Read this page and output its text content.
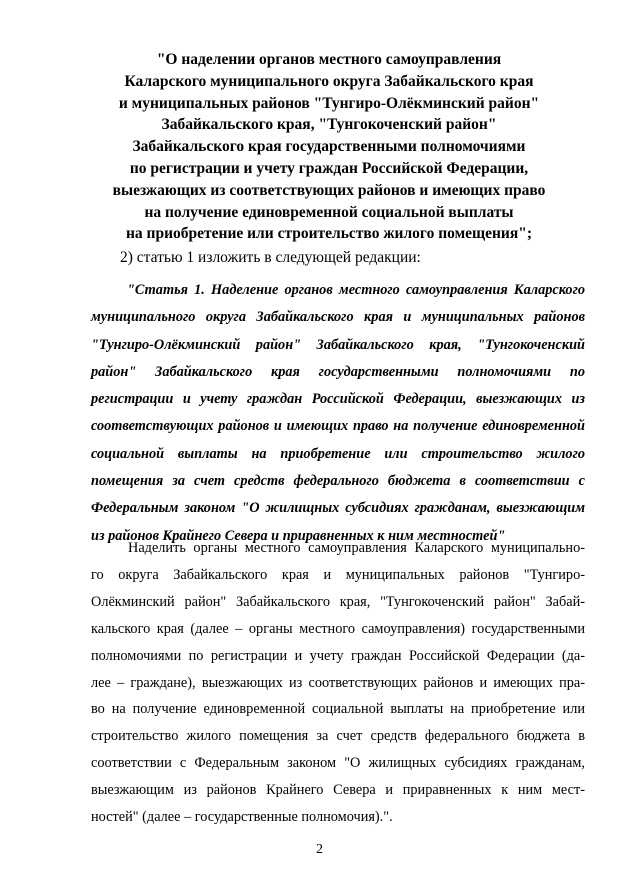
"О наделении органов местного самоуправления
Каларского муниципального округа Забайкальского края
и муниципальных районов "Тунгиро-Олёкминский район"
Забайкальского края, "Тунгокоченский район"
Забайкальского края государственными полномочиями
по регистрации и учету граждан Российской Федерации,
выезжающих из соответствующих районов и имеющих право
на получение единовременной социальной выплаты
на приобретение или строительство жилого помещения";

2) статью 1 изложить в следующей редакции:

"Статья 1. Наделение органов местного самоуправления Каларского
муниципального округа Забайкальского края и муниципальных районов
"Тунгиро-Олёкминский район" Забайкальского края, "Тунгокоченский
район" Забайкальского края государственными полномочиями по
регистрации и учету граждан Российской Федерации, выезжающих из
соответствующих районов и имеющих право на получение единовременной
социальной выплаты на приобретение или строительство жилого
помещения за счет средств федерального бюджета в соответствии с
Федеральным законом "О жилищных субсидиях гражданам, выезжающим
из районов Крайнего Севера и приравненных к ним местностей"
Наделить органы местного самоуправления Каларского муниципально-
го округа Забайкальского края и муниципальных районов "Тунгиро-
Олёкминский район" Забайкальского края, "Тунгокоченский район" Забай-
кальского края (далее – органы местного самоуправления) государственными
полномочиями по регистрации и учету граждан Российской Федерации (да-
лее – граждане), выезжающих из соответствующих районов и имеющих пра-
во на получение единовременной социальной выплаты на приобретение или
строительство жилого помещения за счет средств федерального бюджета в
соответствии с Федеральным законом "О жилищных субсидиях гражданам,
выезжающим из районов Крайнего Севера и приравненных к ним мест-
ностей" (далее – государственные полномочия).".

2
